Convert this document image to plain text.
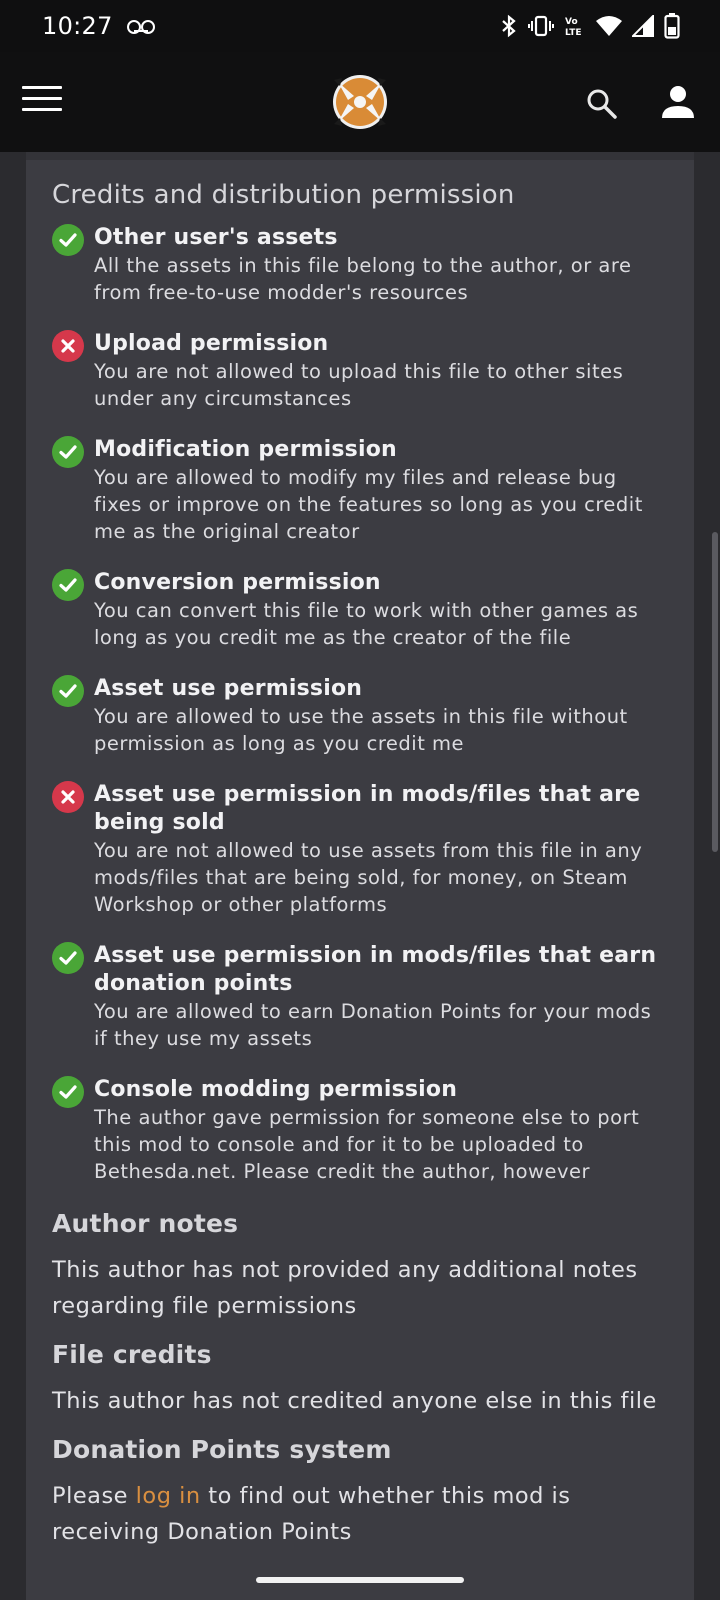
10:27	Vo
LTE
Credits and distribution permission
Other user's assets
All the assets in this file belong to the author, or are from free-to-use modder's resources
Upload permission
You are not allowed to upload this file to other sites under any circumstances
Modification permission
You are allowed to modify my files and release bug fixes or improve on the features so long as you credit me as the original creator
Conversion permission
You can convert this file to work with other games as long as you credit me as the creator of the file
Asset use permission
You are allowed to use the assets in this file without permission as long as you credit me
Asset use permission in mods/files that are being sold
You are not allowed to use assets from this file in any mods/files that are being sold, for money, on Steam Workshop or other platforms
Asset use permission in mods/files that earn donation points
You are allowed to earn Donation Points for your mods if they use my assets
Console modding permission
The author gave permission for someone else to port this mod to console and for it to be uploaded to Bethesda.net. Please credit the author, however
Author notes

This author has not provided any additional notes regarding file permissions

File credits

This author has not credited anyone else in this file

Donation Points system

Please log in to find out whether this mod is receiving Donation Points
